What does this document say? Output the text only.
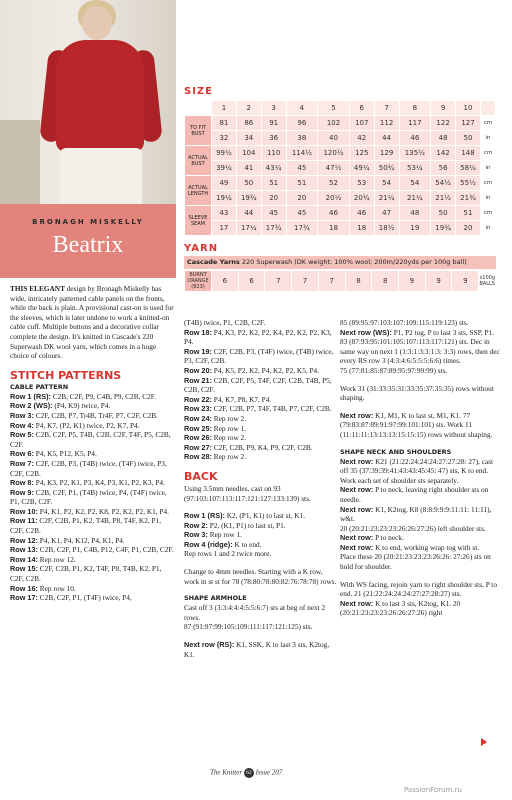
BRONAGH MISKELLY
Beatrix
SIZE
	1	2	3	4	5	6	7	8	9	10	
TO FIT BUST	81	86	91	96	102	107	112	117	122	127	cm
	32	34	36	38	40	42	44	46	48	50	in
ACTUAL BUST	99½	104	110	114½	120½	125	129	135½	142	148	cm
	39¼	41	43¼	45	47½	49¼	50¾	53¼	56	58¼	in
ACTUAL LENGTH	49	50	51	51	52	53	54	54	54½	55½	cm
	19¼	19¾	20	20	20½	20¾	21¼	21¼	21½	21¾	in
SLEEVE SEAM	43	44	45	45	46	46	47	48	50	51	cm
	17	17¼	17¾	17¾	18	18	18½	19	19¾	20	in
YARN
Cascade Yarns 220 Superwash (DK weight; 100% wool; 200m/220yds per 100g ball)
BURNT ORANGE (823)	6	6	7	7	7	8	8	9	9	9	x100g BALLS

THIS ELEGANT design by Bronagh Miskelly has wide, intricately patterned cable panels on the fronts, while the back is plain. A provisional cast-on is used for the sleeves, which is later undone to work a knitted-on cable cuff. Multiple buttons and a decorative collar complete the design. It's knitted in Cascade's 220 Superwash DK wool yarn, which comes in a huge choice of colours.

STITCH PATTERNS
CABLE PATTERN

Row 1 (RS): C2B, C2F, P9, C4B, P9, C2B, C2F.

Row 2 (WS): (P4, K9) twice, P4.

Row 3: C2F, C2B, P7, Tr4B, Tr4F, P7, C2F, C2B.

Row 4: P4, K7, (P2, K1) twice, P2, K7, P4.

Row 5: C2B, C2F, P5, T4B, C2B, C2F, T4F, P5, C2B, C2F.

Row 6: P4, K5, P12, K5, P4.

Row 7: C2F, C2B, P3, (T4B) twice, (T4F) twice, P3, C2F, C2B.

Row 8: P4, K3, P2, K1, P3, K4, P3, K1, P2, K3, P4.

Row 9: C2B, C2F, P1, (T4B) twice, P4, (T4F) twice, P1, C2B, C2F.

Row 10: P4, K1, P2, K2, P2, K8, P2, K2, P2, K1, P4.

Row 11: C2F, C2B, P1, K2, T4B, P8, T4F, K2, P1, C2F, C2B.

Row 12: P4, K1, P4, K12, P4, K1, P4.

Row 13: C2B, C2F, P1, C4B, P12, C4F, P1, C2B, C2F.

Row 14: Rep row 12.

Row 15: C2F, C2B, P1, K2, T4F, P8, T4B, K2, P1, C2F, C2B.

Row 16: Rep row 10.

Row 17: C2B, C2F, P1, (T4F) twice, P4,

(T4B) twice, P1, C2B, C2F.

Row 18: P4, K3, P2, K2, P2, K4, P2, K2, P2, K3, P4.

Row 19: C2F, C2B, P3, (T4F) twice, (T4B) twice, P3, C2F, C2B.

Row 20: P4, K5, P2, K2, P4, K2, P2, K5, P4.

Row 21: C2B, C2F, P5, T4F, C2F, C2B, T4B, P5, C2B, C2F.

Row 22: P4, K7, P8, K7, P4.

Row 23: C2F, C2B, P7, T4F, T4B, P7, C2F, C2B.

Row 24: Rep row 2.

Row 25: Rep row 1.

Row 26: Rep row 2.

Row 27: C2F, C2B, P9, K4, P9, C2F, C2B.

Row 28: Rep row 2.

BACK

Using 3.5mm needles, cast on 93 (97:103:107:113:117:121:127:133:139) sts.

Row 1 (RS): K2, (P1, K1) to last st, K1.

Row 2: P2, (K1, P1) to last st, P1.

Row 3: Rep row 1.

Row 4 (ridge): K to end.

Rep rows 1 and 2 twice more.

Change to 4mm needles. Starting with a K row, work in st st for 78 (78:80:78:80:82:76:78:78) rows.

SHAPE ARMHOLE

Cast off 3 (3:3:4:4:4:5:5:6:7) sts at beg of next 2 rows.

87 (91:97:99:105:109:111:117:121:125) sts.

Next row (RS): K1, SSK, K to last 3 sts, K2tog, K1.

85 (89:95:97:103:107:109:115:119:123) sts.

Next row (WS): P1, P2 tog, P to last 3 sts, SSP, P1.

83 (87:93:95:101:105:107:113:117:121) sts. Dec in same way on next 1 (1:3:1:3:3:1:3: 3:3) rows, then dec every RS row 3 (4:3:4:6:5:5:5:6:6) times.

75 (77:81:85:87:89:95:97:99:99) sts.

Work 31 (31:33:35:31:33:35:37:35:35) rows without shaping.

Next row: K1, M1, K to last st, M1, K1. 77 (79:83:87:89:91:97:99:101:101) sts. Work 11 (11:11:11:13:13:13:15:15:15) rows without shaping.

SHAPE NECK AND SHOULDERS

Next row: K21 (21:22:24:24:24:27:27:28: 27), cast off 35 (37:39:39:41:43:43:45:45: 47) sts, K to end.

Work each set of shoulder sts separately.

Next row: P to neck, leaving right shoulder sts on needle.

Next row: K1, K2tog, K8 (8:8:9:9:9:11:11: 11:11), w&t.

20 (20:21:23:23:23:26:26:27:26) left shoulder sts.

Next row: P to neck.

Next row: K to end, working wrap tog with st.

Place these 20 (20:21:23:23:23:26:26: 27:26) sts on hold for shoulder.

With WS facing, rejoin yarn to right shoulder sts, P to end. 21 (21:22:24:24:24:27:27:28:27) sts.

Next row: K to last 3 sts, K2tog, K1. 20 (20:21:23:23:23:26:26:27:26) right

The Knitter 62 Issue 207
PassionForum.ru
